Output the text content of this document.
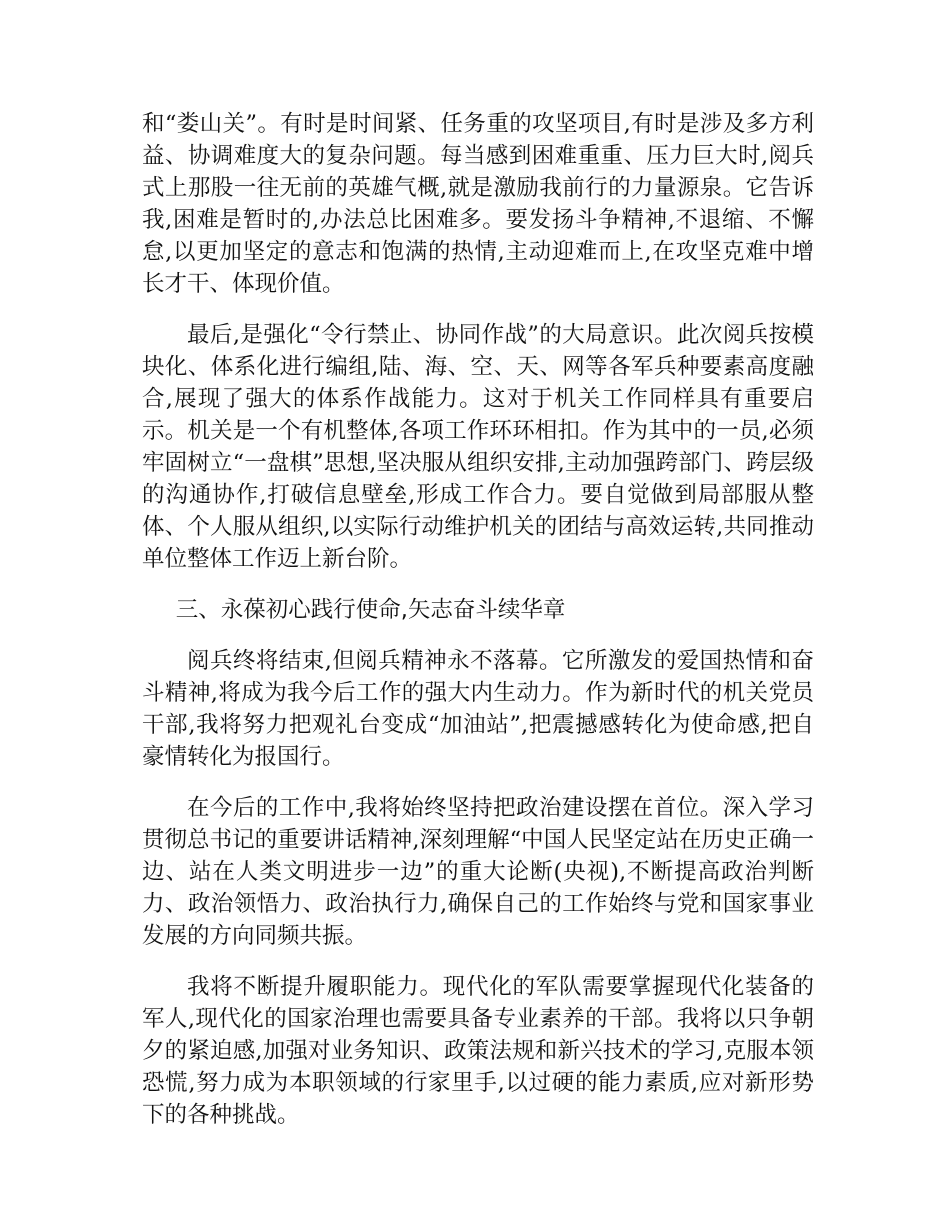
和“娄山关”。有时是时间紧、任务重的攻坚项目,有时是涉及多方利益、协调难度大的复杂问题。每当感到困难重重、压力巨大时,阅兵式上那股一往无前的英雄气概,就是激励我前行的力量源泉。它告诉我,困难是暂时的,办法总比困难多。要发扬斗争精神,不退缩、不懈怠,以更加坚定的意志和饱满的热情,主动迎难而上,在攻坚克难中增长才干、体现价值。

最后,是强化“令行禁止、协同作战”的大局意识。此次阅兵按模块化、体系化进行编组,陆、海、空、天、网等各军兵种要素高度融合,展现了强大的体系作战能力。这对于机关工作同样具有重要启示。机关是一个有机整体,各项工作环环相扣。作为其中的一员,必须牢固树立“一盘棋”思想,坚决服从组织安排,主动加强跨部门、跨层级的沟通协作,打破信息壁垒,形成工作合力。要自觉做到局部服从整体、个人服从组织,以实际行动维护机关的团结与高效运转,共同推动单位整体工作迈上新台阶。

三、永葆初心践行使命,矢志奋斗续华章

阅兵终将结束,但阅兵精神永不落幕。它所激发的爱国热情和奋斗精神,将成为我今后工作的强大内生动力。作为新时代的机关党员干部,我将努力把观礼台变成“加油站”,把震撼感转化为使命感,把自豪情转化为报国行。

在今后的工作中,我将始终坚持把政治建设摆在首位。深入学习贯彻总书记的重要讲话精神,深刻理解“中国人民坚定站在历史正确一边、站在人类文明进步一边”的重大论断(央视),不断提高政治判断力、政治领悟力、政治执行力,确保自己的工作始终与党和国家事业发展的方向同频共振。

我将不断提升履职能力。现代化的军队需要掌握现代化装备的军人,现代化的国家治理也需要具备专业素养的干部。我将以只争朝夕的紧迫感,加强对业务知识、政策法规和新兴技术的学习,克服本领恐慌,努力成为本职领域的行家里手,以过硬的能力素质,应对新形势下的各种挑战。
